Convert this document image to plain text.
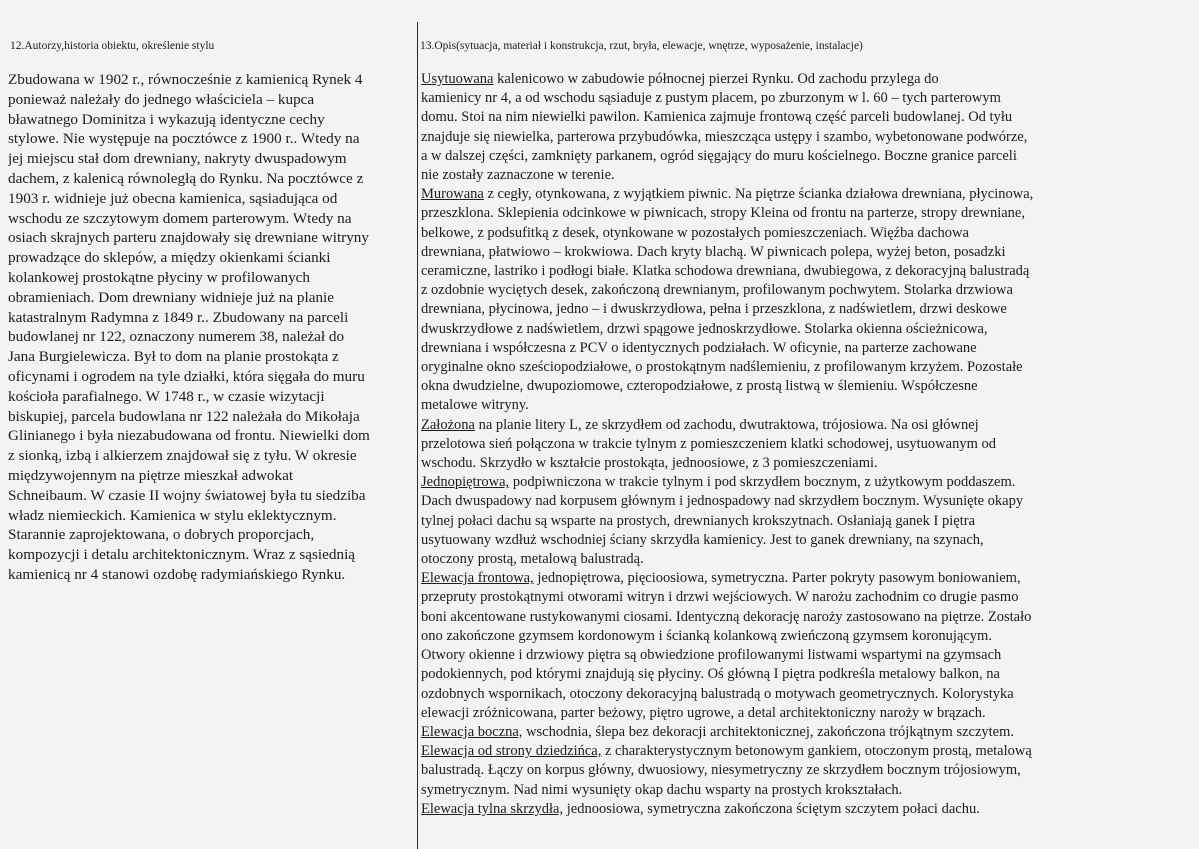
12.Autorzy,historia obiektu, określenie stylu	13.Opis(sytuacja, materiał i konstrukcja, rzut, bryła, elewacje, wnętrze, wyposażenie, instalacje)
Zbudowana w 1902 r., równocześnie z kamienicą Rynek 4
ponieważ należały do jednego właściciela – kupca
bławatnego Dominitza i wykazują identyczne cechy
stylowe. Nie występuje na pocztówce z 1900 r.. Wtedy na
jej miejscu stał dom drewniany, nakryty dwuspadowym
dachem, z kalenicą równoległą do Rynku. Na pocztówce z
1903 r. widnieje już obecna kamienica, sąsiadująca od
wschodu ze szczytowym domem parterowym. Wtedy na
osiach skrajnych parteru znajdowały się drewniane witryny
prowadzące do sklepów, a między okienkami ścianki
kolankowej prostokątne płyciny w profilowanych
obramieniach. Dom drewniany widnieje już na planie
katastralnym Radymna z 1849 r.. Zbudowany na parceli
budowlanej nr 122, oznaczony numerem 38, należał do
Jana Burgielewicza. Był to dom na planie prostokąta z
oficynami i ogrodem na tyle działki, która sięgała do muru
kościoła parafialnego. W 1748 r., w czasie wizytacji
biskupiej, parcela budowlana nr 122 należała do Mikołaja
Glinianego i była niezabudowana od frontu. Niewielki dom
z sionką, izbą i alkierzem znajdował się z tyłu. W okresie
międzywojennym na piętrze mieszkał adwokat
Schneibaum. W czasie II wojny światowej była tu siedziba
władz niemieckich. Kamienica w stylu eklektycznym.
Starannie zaprojektowana, o dobrych proporcjach,
kompozycji i detalu architektonicznym. Wraz z sąsiednią
kamienicą nr 4 stanowi ozdobę radymiańskiego Rynku.
Usytuowana kalenicowo w zabudowie północnej pierzei Rynku. Od zachodu przylega do
kamienicy nr 4, a od wschodu sąsiaduje z pustym placem, po zburzonym w l. 60 – tych parterowym
domu. Stoi na nim niewielki pawilon. Kamienica zajmuje frontową część parceli budowlanej. Od tyłu
znajduje się niewielka, parterowa przybudówka, mieszcząca ustępy i szambo, wybetonowane podwórze,
a w dalszej części, zamknięty parkanem, ogród sięgający do muru kościelnego. Boczne granice parceli
nie zostały zaznaczone w terenie.
Murowana z cegły, otynkowana, z wyjątkiem piwnic. Na piętrze ścianka działowa drewniana, płycinowa,
przeszklona. Sklepienia odcinkowe w piwnicach, stropy Kleina od frontu na parterze, stropy drewniane,
belkowe, z podsufitką z desek, otynkowane w pozostałych pomieszczeniach. Więźba dachowa
drewniana, płatwiowo – krokwiowa. Dach kryty blachą. W piwnicach polepa, wyżej beton, posadzki
ceramiczne, lastriko i podłogi białe. Klatka schodowa drewniana, dwubiegowa, z dekoracyjną balustradą
z ozdobnie wyciętych desek, zakończoną drewnianym, profilowanym pochwytem. Stolarka drzwiowa
drewniana, płycinowa, jedno – i dwuskrzydłowa, pełna i przeszklona, z nadświetlem, drzwi deskowe
dwuskrzydłowe z nadświetlem, drzwi spągowe jednoskrzydłowe. Stolarka okienna ościeżnicowa,
drewniana i współczesna z PCV o identycznych podziałach. W oficynie, na parterze zachowane
oryginalne okno sześciopodziałowe, o prostokątnym nadślemieniu, z profilowanym krzyżem. Pozostałe
okna dwudzielne, dwupoziomowe, czteropodziałowe, z prostą listwą w ślemieniu. Współczesne
metalowe witryny.
Założona na planie litery L, ze skrzydłem od zachodu, dwutraktowa, trójosiowa. Na osi głównej
przelotowa sień połączona w trakcie tylnym z pomieszczeniem klatki schodowej, usytuowanym od
wschodu. Skrzydło w kształcie prostokąta, jednoosiowe, z 3 pomieszczeniami.
Jednopiętrowa, podpiwniczona w trakcie tylnym i pod skrzydłem bocznym, z użytkowym poddaszem.
Dach dwuspadowy nad korpusem głównym i jednospadowy nad skrzydłem bocznym. Wysunięte okapy
tylnej połaci dachu są wsparte na prostych, drewnianych krokszytnach. Osłaniają ganek I piętra
usytuowany wzdłuż wschodniej ściany skrzydła kamienicy. Jest to ganek drewniany, na szynach,
otoczony prostą, metalową balustradą.
Elewacja frontowa, jednopiętrowa, pięcioosiowa, symetryczna. Parter pokryty pasowym boniowaniem,
przepruty prostokątnymi otworami witryn i drzwi wejściowych. W narożu zachodnim co drugie pasmo
boni akcentowane rustykowanymi ciosami. Identyczną dekorację naroży zastosowano na piętrze. Zostało
ono zakończone gzymsem kordonowym i ścianką kolankową zwieńczoną gzymsem koronującym.
Otwory okienne i drzwiowy piętra są obwiedzione profilowanymi listwami wspartymi na gzymsach
podokiennych, pod którymi znajdują się płyciny. Oś główną I piętra podkreśla metalowy balkon, na
ozdobnych wspornikach, otoczony dekoracyjną balustradą o motywach geometrycznych. Kolorystyka
elewacji zróżnicowana, parter beżowy, piętro ugrowe, a detal architektoniczny naroży w brązach.
Elewacja boczna, wschodnia, ślepa bez dekoracji architektonicznej, zakończona trójkątnym szczytem.
Elewacja od strony dziedzińca, z charakterystycznym betonowym gankiem, otoczonym prostą, metalową
balustradą. Łączy on korpus główny, dwuosiowy, niesymetryczny ze skrzydłem bocznym trójosiowym,
symetrycznym. Nad nimi wysunięty okap dachu wsparty na prostych krokształach.
Elewacja tylna skrzydła, jednoosiowa, symetryczna zakończona ściętym szczytem połaci dachu.
